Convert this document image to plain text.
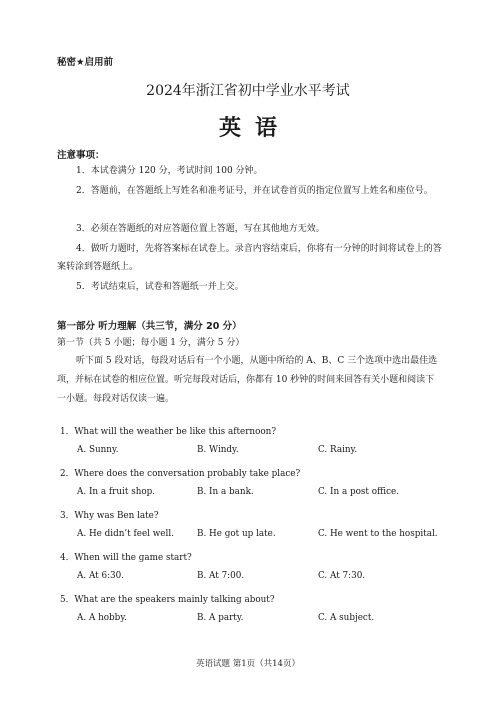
秘密★启用前
2024年浙江省初中学业水平考试
英语
注意事项：
1．本试卷满分 120 分，考试时间 100 分钟。
2．答题前，在答题纸上写姓名和准考证号，并在试卷首页的指定位置写上姓名和座位号。
3．必须在答题纸的对应答题位置上答题，写在其他地方无效。
4．做听力题时，先将答案标在试卷上。录音内容结束后，你将有一分钟的时间将试卷上的答案转涂到答题纸上。
5．考试结束后，试卷和答题纸一并上交。
第一部分 听力理解（共三节，满分 20 分）
第一节（共 5 小题；每小题 1 分，满分 5 分）
听下面 5 段对话，每段对话后有一个小题，从题中所给的 A、B、C 三个选项中选出最佳选项，并标在试卷的相应位置。听完每段对话后，你都有 10 秒钟的时间来回答有关小题和阅读下一小题。每段对话仅读一遍。
1．What will the weather be like this afternoon?
A. Sunny.	B. Windy.	C. Rainy.
2．Where does the conversation probably take place?
A. In a fruit shop.	B. In a bank.	C. In a post office.
3．Why was Ben late?
A. He didn’t feel well.	B. He got up late.	C. He went to the hospital.
4．When will the game start?
A. At 6:30.	B. At 7:00.	C. At 7:30.
5．What are the speakers mainly talking about?
A. A hobby.	B. A party.	C. A subject.
英语试题 第1页（共14页）
